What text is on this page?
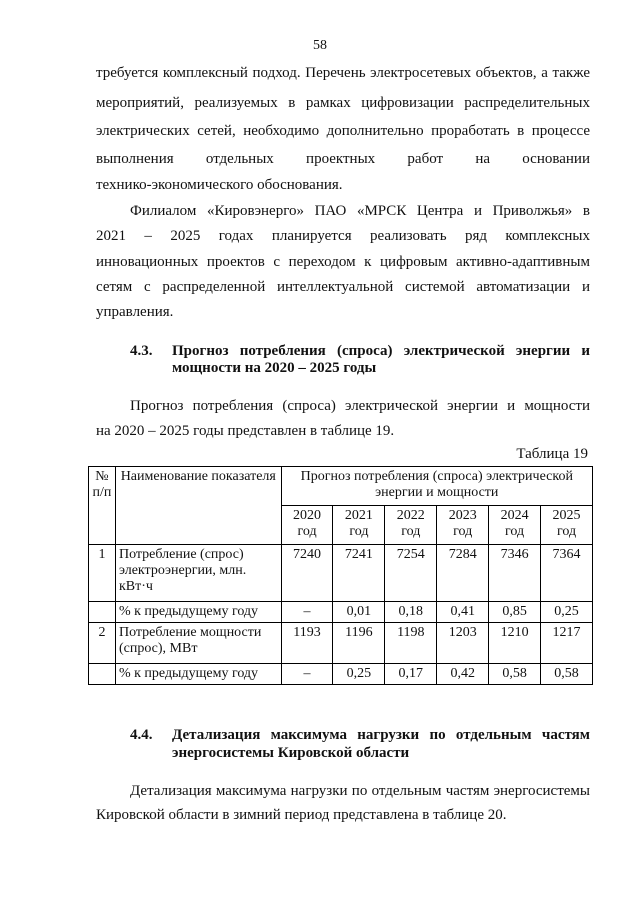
58
требуется комплексный подход. Перечень электросетевых объектов, а также
мероприятий, реализуемых в рамках цифровизации распределительных
электрических сетей, необходимо дополнительно проработать в процессе
выполнения отдельных проектных работ на основании
технико-экономического обоснования.
Филиалом «Кировэнерго» ПАО «МРСК Центра и Приволжья» в
2021 – 2025 годах планируется реализовать ряд комплексных
инновационных проектов с переходом к цифровым активно-адаптивным
сетям с распределенной интеллектуальной системой автоматизации и
управления.
4.3.	Прогноз потребления (спроса) электрической энергии и
мощности на 2020 – 2025 годы
Прогноз потребления (спроса) электрической энергии и мощности
на 2020 – 2025 годы представлен в таблице 19.
Таблица 19
№ п/п	Наименование показателя	Прогноз потребления (спроса) электрической энергии и мощности					
		2020 год	2021 год	2022 год	2023 год	2024 год	2025 год
1	Потребление (спрос) электроэнергии, млн. кВт·ч	7240	7241	7254	7284	7346	7364
	% к предыдущему году	–	0,01	0,18	0,41	0,85	0,25
2	Потребление мощности (спрос), МВт	1193	1196	1198	1203	1210	1217
	% к предыдущему году	–	0,25	0,17	0,42	0,58	0,58
4.4.	Детализация максимума нагрузки по отдельным частям
энергосистемы Кировской области
Детализация максимума нагрузки по отдельным частям энергосистемы
Кировской области в зимний период представлена в таблице 20.
